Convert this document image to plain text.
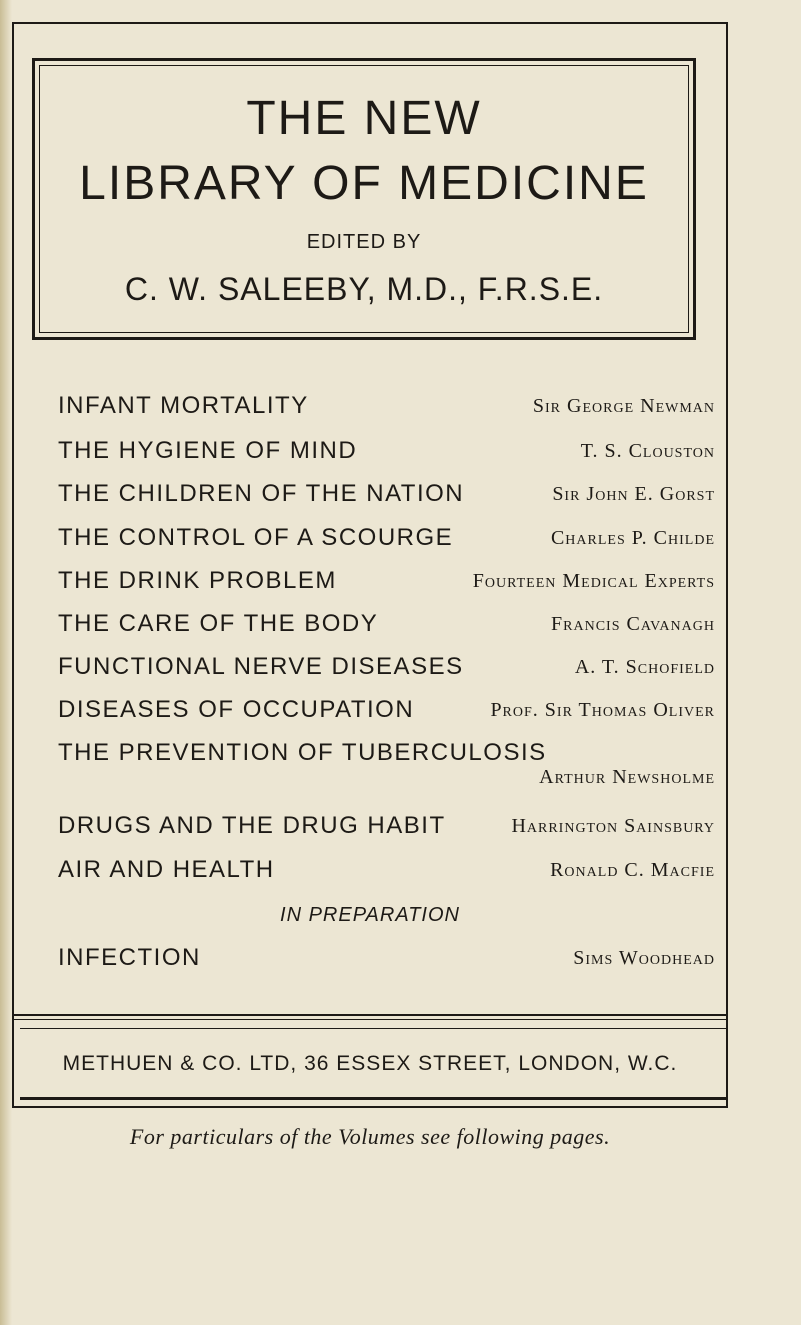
THE NEW
LIBRARY OF MEDICINE
EDITED BY
C. W. SALEEBY, M.D., F.R.S.E.
INFANT MORTALITY	Sir George Newman
THE HYGIENE OF MIND	T. S. Clouston
THE CHILDREN OF THE NATION	Sir John E. Gorst
THE CONTROL OF A SCOURGE	Charles P. Childe
THE DRINK PROBLEM	Fourteen Medical Experts
THE CARE OF THE BODY	Francis Cavanagh
FUNCTIONAL NERVE DISEASES	A. T. Schofield
DISEASES OF OCCUPATION	Prof. Sir Thomas Oliver
THE PREVENTION OF TUBERCULOSIS
Arthur Newsholme
DRUGS AND THE DRUG HABIT	Harrington Sainsbury
AIR AND HEALTH	Ronald C. Macfie
IN PREPARATION
INFECTION	Sims Woodhead
METHUEN & CO. LTD, 36 ESSEX STREET, LONDON, W.C.
For particulars of the Volumes see following pages.
